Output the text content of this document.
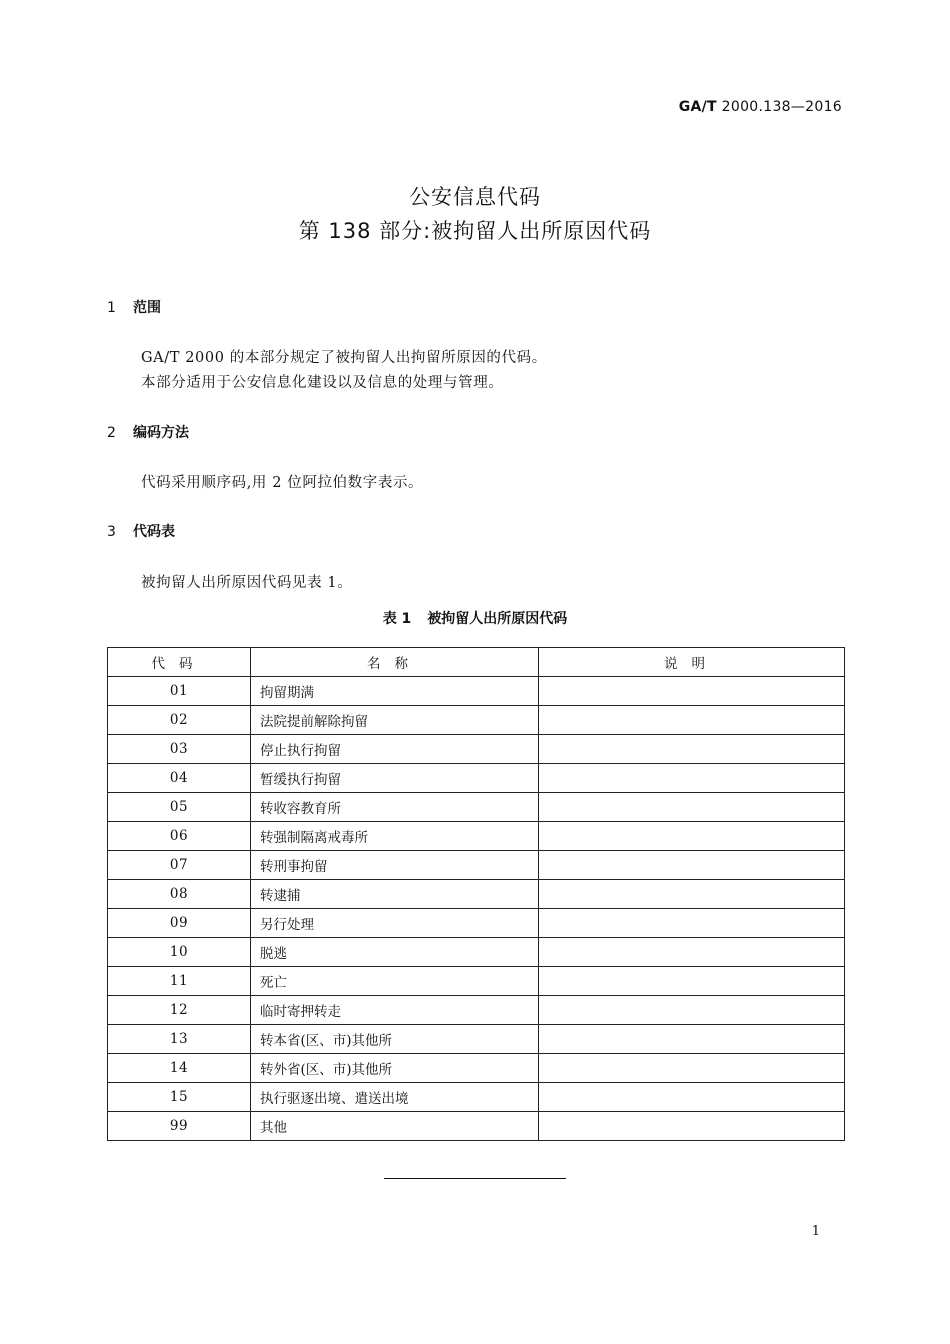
GA/T 2000.138—2016
公安信息代码
第 138 部分:被拘留人出所原因代码
1 范围
GA/T 2000 的本部分规定了被拘留人出拘留所原因的代码。
本部分适用于公安信息化建设以及信息的处理与管理。
2 编码方法
代码采用顺序码,用 2 位阿拉伯数字表示。
3 代码表
被拘留人出所原因代码见表 1。
表 1 被拘留人出所原因代码
代码	名称	说明
01	拘留期满	
02	法院提前解除拘留	
03	停止执行拘留	
04	暂缓执行拘留	
05	转收容教育所	
06	转强制隔离戒毒所	
07	转刑事拘留	
08	转逮捕	
09	另行处理	
10	脱逃	
11	死亡	
12	临时寄押转走	
13	转本省(区、市)其他所	
14	转外省(区、市)其他所	
15	执行驱逐出境、遣送出境	
99	其他	
1
